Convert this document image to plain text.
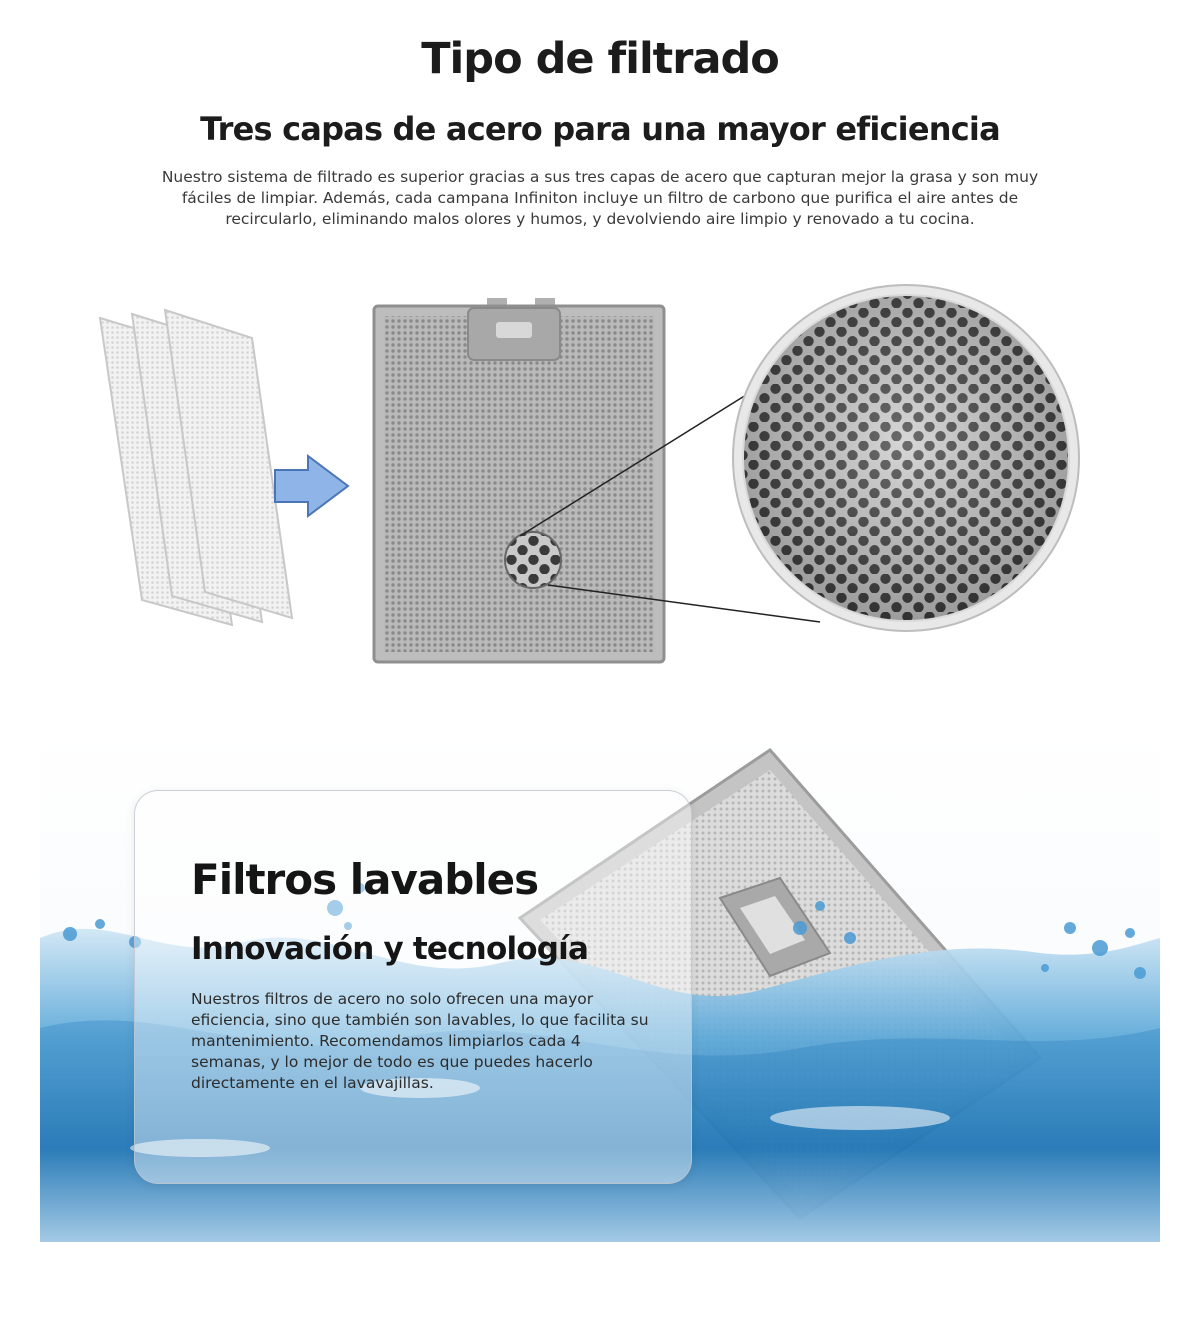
Tipo de filtrado
Tres capas de acero para una mayor eficiencia
Nuestro sistema de filtrado es superior gracias a sus tres capas de acero que capturan mejor la grasa y son muy fáciles de limpiar. Además, cada campana Infiniton incluye un filtro de carbono que purifica el aire antes de recircularlo, eliminando malos olores y humos, y devolviendo aire limpio y renovado a tu cocina.
Filtros lavables
Innovación y tecnología
Nuestros filtros de acero no solo ofrecen una mayor eficiencia, sino que también son lavables, lo que facilita su mantenimiento. Recomendamos limpiarlos cada 4 semanas, y lo mejor de todo es que puedes hacerlo directamente en el lavavajillas.
